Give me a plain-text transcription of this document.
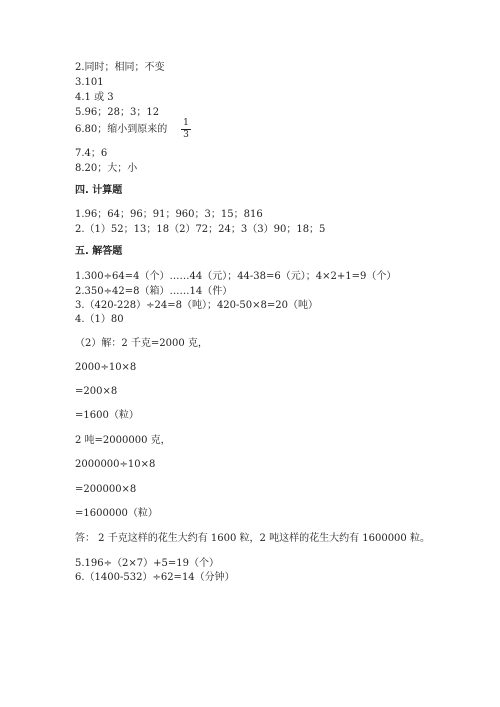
2.同时；相同；不变
3.101
4.1 或 3
5.96；28；3；12
6.80；缩小到原来的
1
3
7.4；6
8.20；大；小
四. 计算题
1.96；64；96；91；960；3；15；816
2.（1）52；13；18（2）72；24；3（3）90；18；5
五. 解答题
1.300÷64=4（个）……44（元）；44-38=6（元）；4×2+1=9（个）
2.350÷42=8（箱）……14（件）
3.（420-228）÷24=8（吨）；420-50×8=20（吨）
4.（1）80
（2）解：2 千克=2000 克，
2000÷10×8
=200×8
=1600（粒）
2 吨=2000000 克，
2000000÷10×8
=200000×8
=1600000（粒）
答： 2 千克这样的花生大约有 1600 粒，2 吨这样的花生大约有 1600000 粒。
5.196÷（2×7）+5=19（个）
6.（1400-532）÷62=14（分钟）
